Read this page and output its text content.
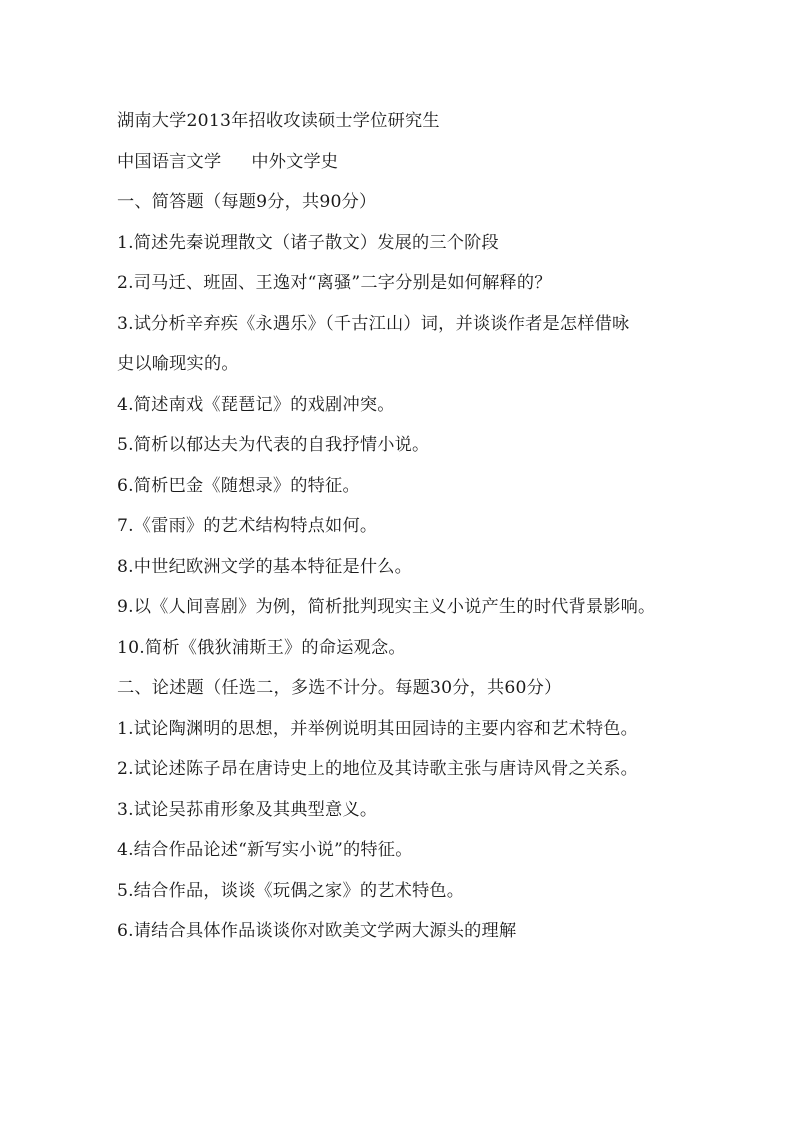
湖南大学2013年招收攻读硕士学位研究生
中国语言文学 中外文学史
一、简答题（每题9分，共90分）
1.简述先秦说理散文（诸子散文）发展的三个阶段
2.司马迁、班固、王逸对“离骚”二字分别是如何解释的？
3.试分析辛弃疾《永遇乐》（千古江山）词，并谈谈作者是怎样借咏
史以喻现实的。
4.简述南戏《琵琶记》的戏剧冲突。
5.简析以郁达夫为代表的自我抒情小说。
6.简析巴金《随想录》的特征。
7.《雷雨》的艺术结构特点如何。
8.中世纪欧洲文学的基本特征是什么。
9.以《人间喜剧》为例，简析批判现实主义小说产生的时代背景影响。
10.简析《俄狄浦斯王》的命运观念。
二、论述题（任选二，多选不计分。每题30分，共60分）
1.试论陶渊明的思想，并举例说明其田园诗的主要内容和艺术特色。
2.试论述陈子昂在唐诗史上的地位及其诗歌主张与唐诗风骨之关系。
3.试论吴荪甫形象及其典型意义。
4.结合作品论述“新写实小说”的特征。
5.结合作品，谈谈《玩偶之家》的艺术特色。
6.请结合具体作品谈谈你对欧美文学两大源头的理解
